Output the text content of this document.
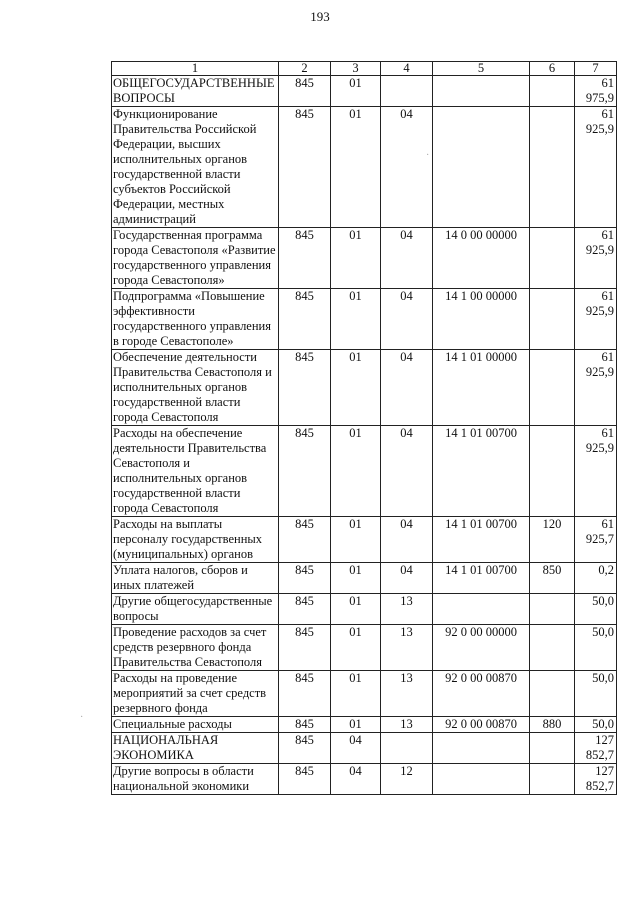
193
1	2	3	4	5	6	7
ОБЩЕГОСУДАРСТВЕННЫЕ ВОПРОСЫ	845	01				61 975,9
Функционирование Правительства Российской Федерации, высших исполнительных органов государственной власти субъектов Российской Федерации, местных администраций	845	01	04			61 925,9
Государственная программа города Севастополя «Развитие государственного управления города Севастополя»	845	01	04	14 0 00 00000		61 925,9
Подпрограмма «Повышение эффективности государственного управления в городе Севастополе»	845	01	04	14 1 00 00000		61 925,9
Обеспечение деятельности Правительства Севастополя и исполнительных органов государственной власти города Севастополя	845	01	04	14 1 01 00000		61 925,9
Расходы на обеспечение деятельности Правительства Севастополя и исполнительных органов государственной власти города Севастополя	845	01	04	14 1 01 00700		61 925,9
Расходы на выплаты персоналу государственных (муниципальных) органов	845	01	04	14 1 01 00700	120	61 925,7
Уплата налогов, сборов и иных платежей	845	01	04	14 1 01 00700	850	0,2
Другие общегосударственные вопросы	845	01	13			50,0
Проведение расходов за счет средств резервного фонда Правительства Севастополя	845	01	13	92 0 00 00000		50,0
Расходы на проведение мероприятий за счет средств резервного фонда	845	01	13	92 0 00 00870		50,0
Специальные расходы	845	01	13	92 0 00 00870	880	50,0
НАЦИОНАЛЬНАЯ ЭКОНОМИКА	845	04				127 852,7
Другие вопросы в области национальной экономики	845	04	12			127 852,7
·
·
